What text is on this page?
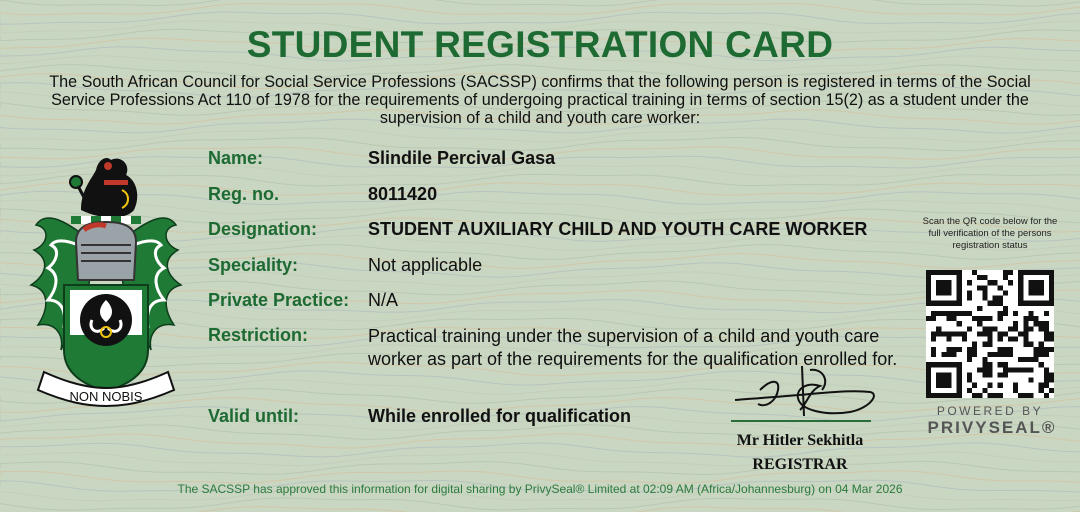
STUDENT REGISTRATION CARD
The South African Council for Social Service Professions (SACSSP) confirms that the following person is registered in terms of the Social Service Professions Act 110 of 1978 for the requirements of undergoing practical training in terms of section 15(2) as a student under the supervision of a child and youth care worker:
NON NOBIS
Name:	Slindile Percival Gasa
Reg. no.	8011420
Designation:	STUDENT AUXILIARY CHILD AND YOUTH CARE WORKER
Speciality:	Not applicable
Private Practice: N/A
Restriction:	Practical training under the supervision of a child and youth care worker as part of the requirements for the qualification enrolled for.
Valid until:	While enrolled for qualification
Mr Hitler Sekhitla
REGISTRAR
Scan the QR code below for the full verification of the persons registration status
POWERED BY
PRIVYSEAL®
The SACSSP has approved this information for digital sharing by PrivySeal® Limited at 02:09 AM (Africa/Johannesburg) on 04 Mar 2026
